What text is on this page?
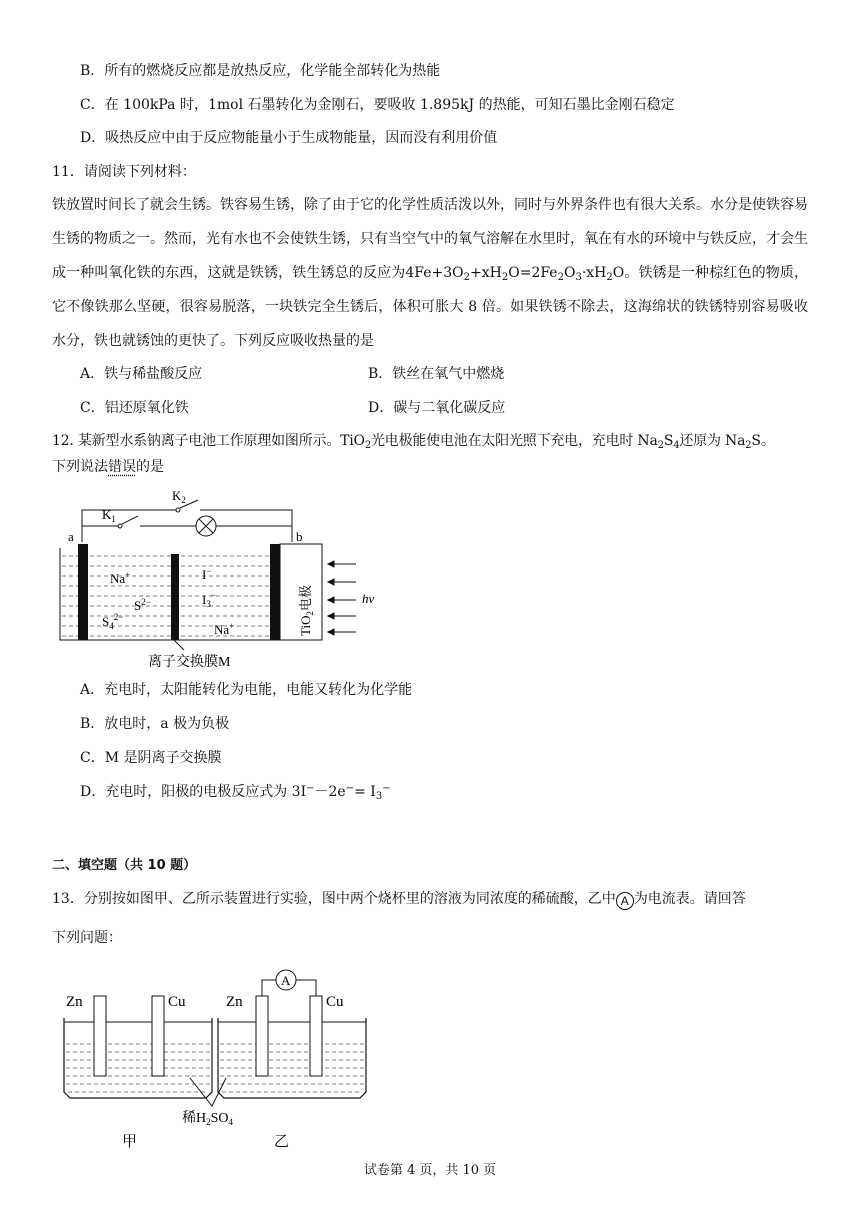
B．所有的燃烧反应都是放热反应，化学能全部转化为热能
C．在 100kPa 时，1mol 石墨转化为金刚石，要吸收 1.895kJ 的热能，可知石墨比金刚石稳定
D．吸热反应中由于反应物能量小于生成物能量，因而没有利用价值
11．请阅读下列材料：
铁放置时间长了就会生锈。铁容易生锈，除了由于它的化学性质活泼以外，同时与外界条件也有很大关系。水分是使铁容易生锈的物质之一。然而，光有水也不会使铁生锈，只有当空气中的氧气溶解在水里时，氧在有水的环境中与铁反应，才会生成一种叫氧化铁的东西，这就是铁锈，铁生锈总的反应为$4Fe+3O_2+xH_2O=2Fe_2O_3\cdot xH_2O$。铁锈是一种棕红色的物质，它不像铁那么坚硬，很容易脱落，一块铁完全生锈后，体积可胀大 8 倍。如果铁锈不除去，这海绵状的铁锈特别容易吸收水分，铁也就锈蚀的更快了。下列反应吸收热量的是
A．铁与稀盐酸反应	B．铁丝在氧气中燃烧
C．铝还原氧化铁	D．碳与二氧化碳反应
12. 某新型水系钠离子电池工作原理如图所示。TiO$_2$光电极能使电池在太阳光照下充电，充电时 $Na_2S_4$还原为 $Na_2S$。
下列说法错误的是
$K_2$
$K_1$
a	b
TiO$_2$电极
Na+
$S^{2-}$
$S_4^{2-}$
I−
$I_3^-$
Na+
hv
离子交换膜M
A．充电时，太阳能转化为电能，电能又转化为化学能
B．放电时，a 极为负极
C．M 是阴离子交换膜
D．充电时，阳极的电极反应式为 $3I^--2e^-= I_3^-$
二、填空题（共 10 题）
13．分别按如图甲、乙所示装置进行实验，图中两个烧杯里的溶液为同浓度的稀硫酸，乙中 A 为电流表。请回答
下列问题：
Zn	Cu
A
Zn	Cu
稀$H_2SO_4$
甲	乙
试卷第 4 页，共 10 页
